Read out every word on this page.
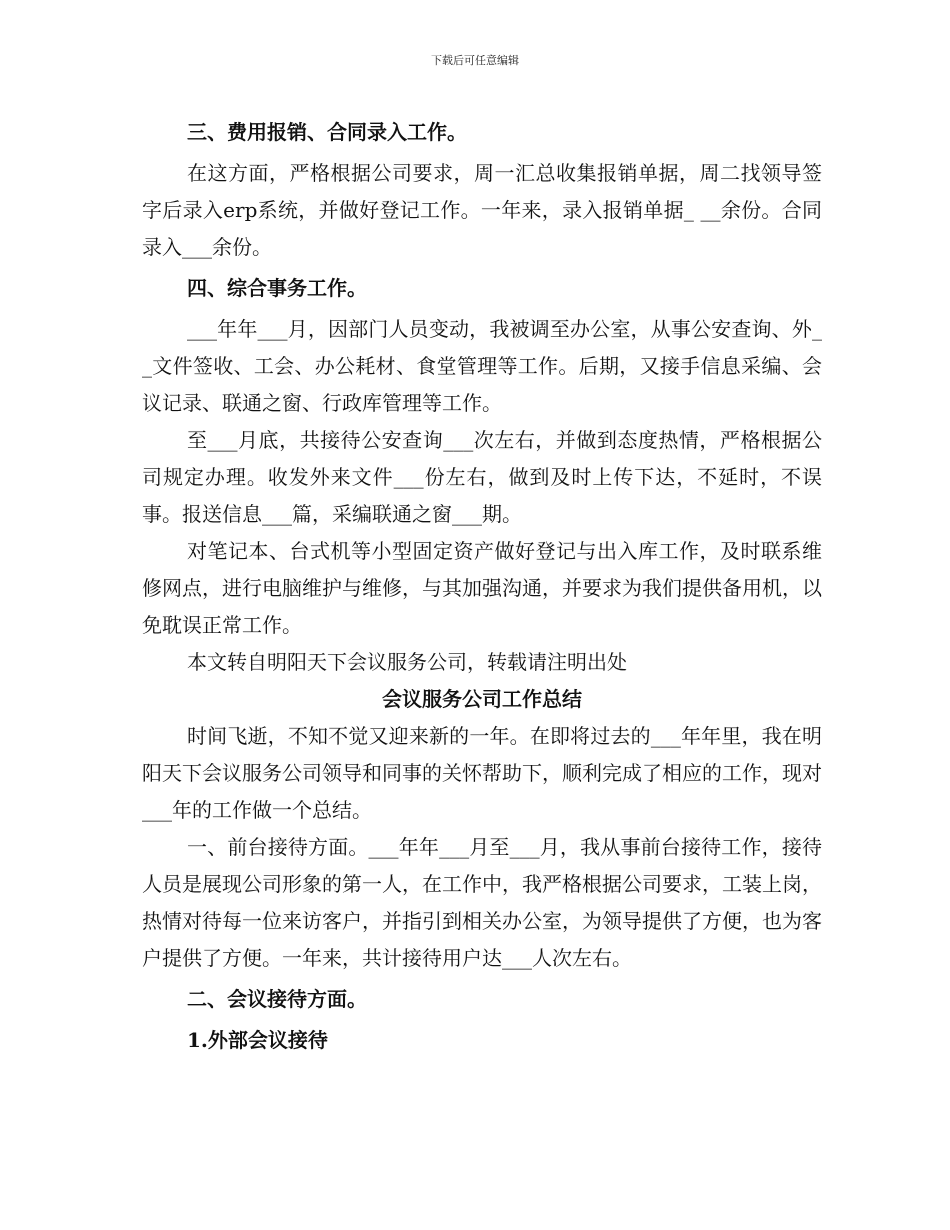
下载后可任意编辑

三、费用报销、合同录入工作。

在这方面，严格根据公司要求，周一汇总收集报销单据，周二找领导签字后录入erp系统，并做好登记工作。一年来，录入报销单据_ __余份。合同录入___余份。

四、综合事务工作。

___年年___月，因部门人员变动，我被调至办公室，从事公安查询、外__文件签收、工会、办公耗材、食堂管理等工作。后期，又接手信息采编、会议记录、联通之窗、行政库管理等工作。

至___月底，共接待公安查询___次左右，并做到态度热情，严格根据公司规定办理。收发外来文件___份左右，做到及时上传下达，不延时，不误事。报送信息___篇，采编联通之窗___期。

对笔记本、台式机等小型固定资产做好登记与出入库工作，及时联系维修网点，进行电脑维护与维修，与其加强沟通，并要求为我们提供备用机，以免耽误正常工作。

本文转自明阳天下会议服务公司，转载请注明出处

会议服务公司工作总结

时间飞逝，不知不觉又迎来新的一年。在即将过去的___年年里，我在明阳天下会议服务公司领导和同事的关怀帮助下，顺利完成了相应的工作，现对___年的工作做一个总结。

一、前台接待方面。___年年___月至___月，我从事前台接待工作，接待人员是展现公司形象的第一人，在工作中，我严格根据公司要求，工装上岗，热情对待每一位来访客户，并指引到相关办公室，为领导提供了方便，也为客户提供了方便。一年来，共计接待用户达___人次左右。

二、会议接待方面。

1.外部会议接待
